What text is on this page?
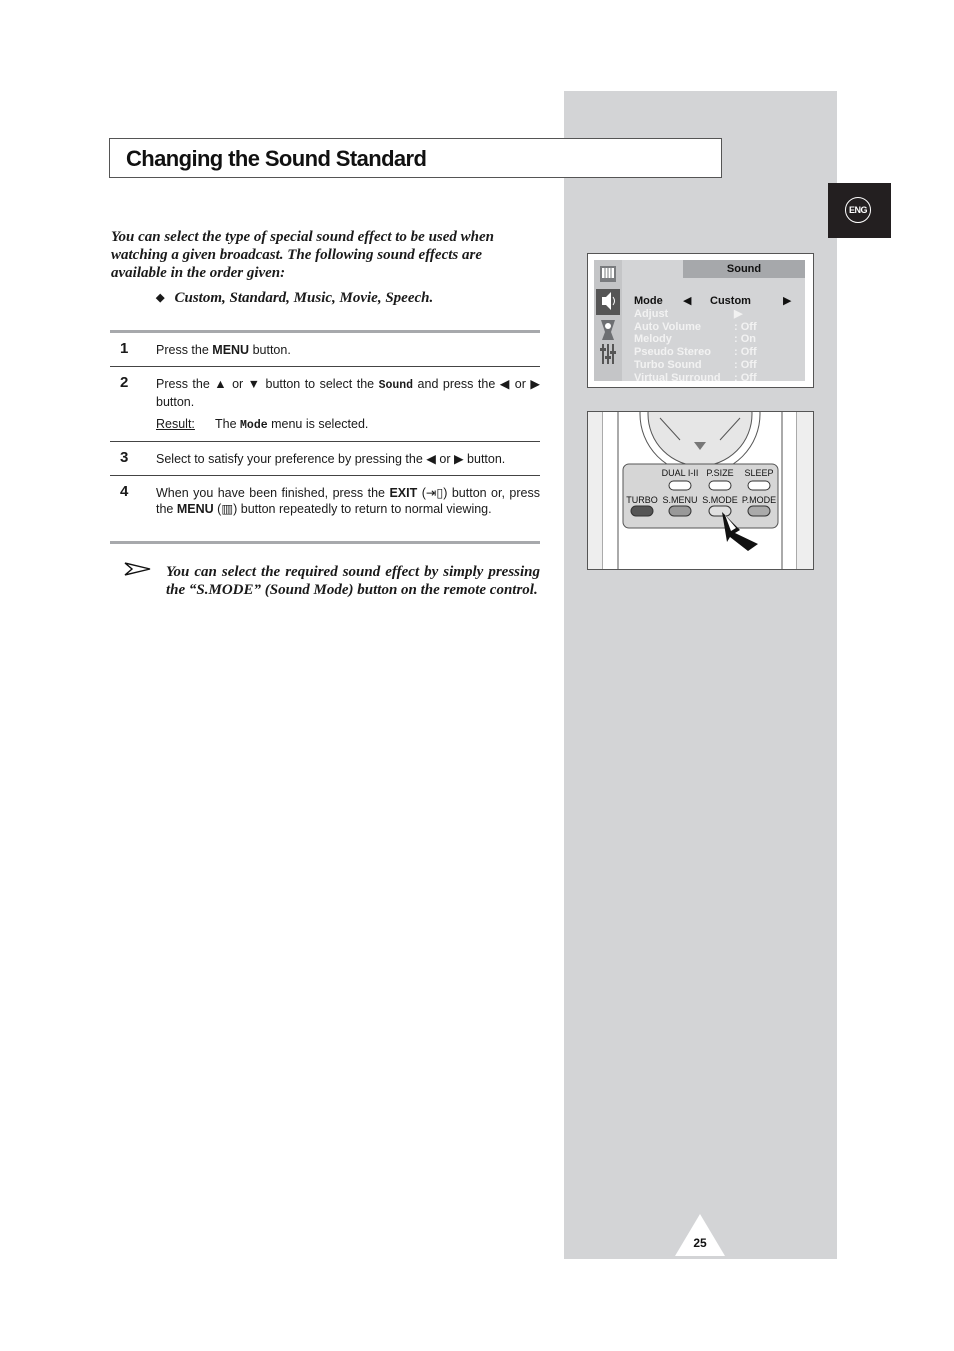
ENG
Changing the Sound Standard
You can select the type of special sound effect to be used when watching a given broadcast. The following sound effects are available in the order given:
◆ Custom, Standard, Music, Movie, Speech.
1 Press the MENU button.
2 Press the ▲ or ▼ button to select the Sound and press the ◀ or ▶ button.
Result: The Mode menu is selected.
3 Select to satisfy your preference by pressing the ◀ or ▶ button.
4 When you have been finished, press the EXIT (⇥▯) button or, press the MENU (▥) button repeatedly to return to normal viewing.
You can select the required sound effect by simply pressing the “S.MODE” (Sound Mode) button on the remote control.
Sound
Mode ◀ Custom	▶
Adjust	▶
Auto Volume	: Off
Melody	: On
Pseudo Stereo : Off
Turbo Sound	: Off
Virtual Surround : Off
DUAL I-II P.SIZE SLEEP
TURBO S.MENU S.MODE P.MODE
25
